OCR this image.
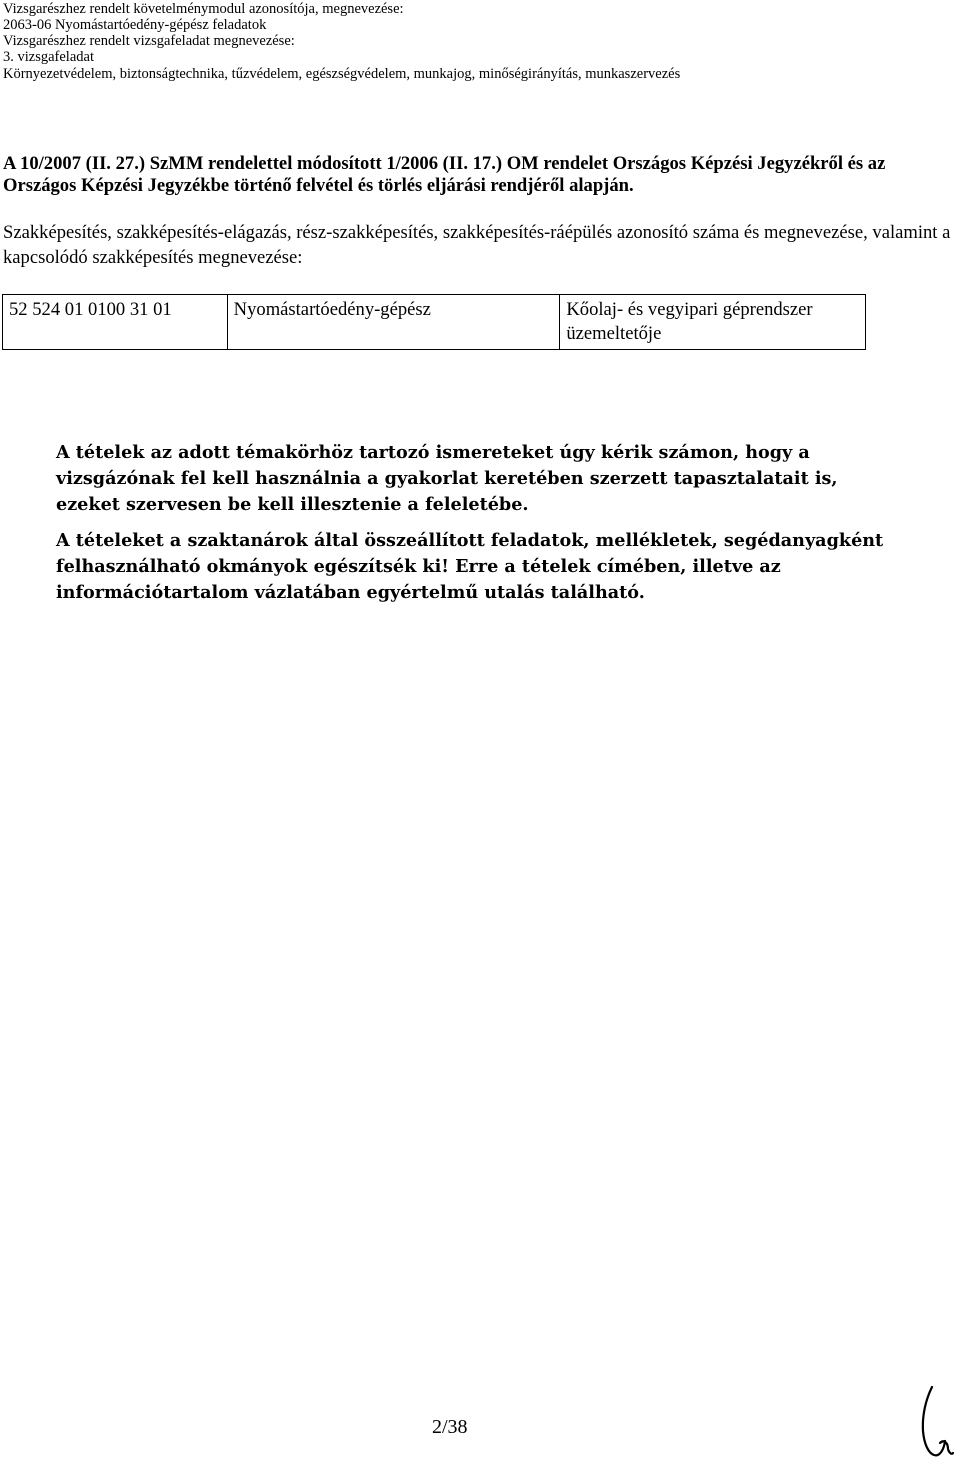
Vizsgarészhez rendelt követelménymodul azonosítója, megnevezése:
2063-06 Nyomástartóedény-gépész feladatok
Vizsgarészhez rendelt vizsgafeladat megnevezése:
3. vizsgafeladat
Környezetvédelem, biztonságtechnika, tűzvédelem, egészségvédelem, munkajog, minőségirányítás, munkaszervezés
A 10/2007 (II. 27.) SzMM rendelettel módosított 1/2006 (II. 17.) OM rendelet Országos Képzési Jegyzékről és az Országos Képzési Jegyzékbe történő felvétel és törlés eljárási rendjéről alapján.
Szakképesítés, szakképesítés-elágazás, rész-szakképesítés, szakképesítés-ráépülés azonosító száma és megnevezése, valamint a kapcsolódó szakképesítés megnevezése:
52 524 01 0100 31 01	Nyomástartóedény-gépész	Kőolaj- és vegyipari géprendszer üzemeltetője

A tételek az adott témakörhöz tartozó ismereteket úgy kérik számon, hogy a vizsgázónak fel kell használnia a gyakorlat keretében szerzett tapasztalatait is, ezeket szervesen be kell illesztenie a feleletébe.

A tételeket a szaktanárok által összeállított feladatok, mellékletek, segédanyagként felhasználható okmányok egészítsék ki! Erre a tételek címében, illetve az információtartalom vázlatában egyértelmű utalás található.

2/38
